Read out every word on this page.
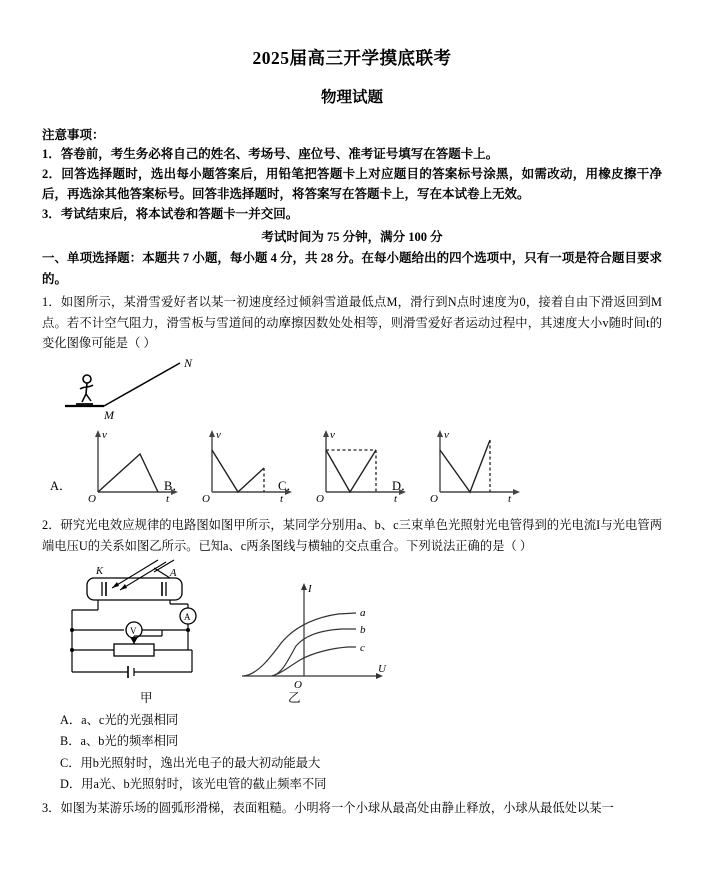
2025届高三开学摸底联考
物理试题
注意事项：
1．答卷前，考生务必将自己的姓名、考场号、座位号、准考证号填写在答题卡上。
2．回答选择题时，选出每小题答案后，用铅笔把答题卡上对应题目的答案标号涂黑，如需改动，用橡皮擦干净后，再选涂其他答案标号。回答非选择题时，将答案写在答题卡上，写在本试卷上无效。
3．考试结束后，将本试卷和答题卡一并交回。
考试时间为 75 分钟，满分 100 分
一、单项选择题：本题共 7 小题，每小题 4 分，共 28 分。在每小题给出的四个选项中，只有一项是符合题目要求的。
1．如图所示，某滑雪爱好者以某一初速度经过倾斜雪道最低点M，滑行到N点时速度为0，接着自由下滑返回到M点。若不计空气阻力，滑雪板与雪道间的动摩擦因数处处相等，则滑雪爱好者运动过程中，其速度大小v随时间t的变化图像可能是（ ）
M
N
A．
v
t
O
B．
v
t
O
C．
v
t
O
D．
v
t
O
2．研究光电效应规律的电路图如图甲所示，某同学分别用a、b、c三束单色光照射光电管得到的光电流I与光电管两端电压U的关系如图乙所示。已知a、c两条图线与横轴的交点重合。下列说法正确的是（ ）
K	A
A
V
甲
a
b
c
I
U
O
乙
A．a、c光的光强相同
B．a、b光的频率相同
C．用b光照射时，逸出光电子的最大初动能最大
D．用a光、b光照射时，该光电管的截止频率不同
3．如图为某游乐场的圆弧形滑梯，表面粗糙。小明将一个小球从最高处由静止释放，小球从最低处以某一
